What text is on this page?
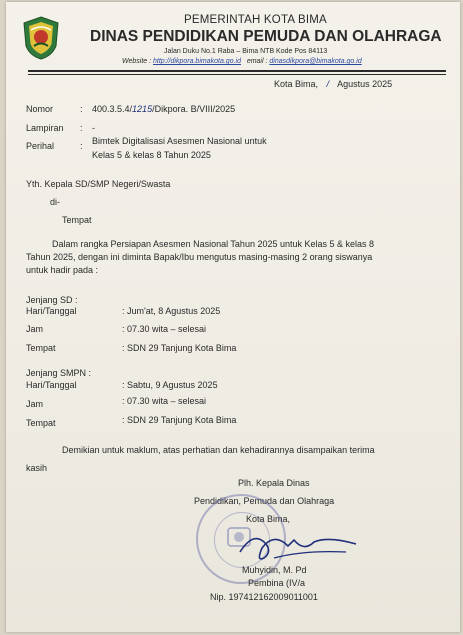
PEMERINTAH KOTA BIMA
DINAS PENDIDIKAN PEMUDA DAN OLAHRAGA
Jalan Duku No.1 Raba – Bima NTB Kode Pos 84113
Website : http://dikpora.bimakota.go.id email : dinasdikpora@bimakota.go.id
Kota Bima, / Agustus 2025
Nomor	: 400.3.5.4/1215/Dikpora. B/VIII/2025
Lampiran : -
Perihal	: Bimtek Digitalisasi Asesmen Nasional untuk
Kelas 5 & kelas 8 Tahun 2025
Yth. Kepala SD/SMP Negeri/Swasta
di-
Tempat
Dalam rangka Persiapan Asesmen Nasional Tahun 2025 untuk Kelas 5 & kelas 8
Tahun 2025, dengan ini diminta Bapak/Ibu mengutus masing-masing 2 orang siswanya
untuk hadir pada :
Jenjang SD :
Hari/Tanggal	: Jum'at, 8 Agustus 2025
Jam	: 07.30 wita – selesai
Tempat	: SDN 29 Tanjung Kota Bima
Jenjang SMPN :
Hari/Tanggal	: Sabtu, 9 Agustus 2025
Jam	: 07.30 wita – selesai
Tempat	: SDN 29 Tanjung Kota Bima
Demikian untuk maklum, atas perhatian dan kehadirannya disampaikan terima
kasih
Plh. Kepala Dinas
Pendidikan, Pemuda dan Olahraga
Kota Bima,
Muhyidin, M. Pd
Pembina (IV/a
Nip. 197412162009011001
